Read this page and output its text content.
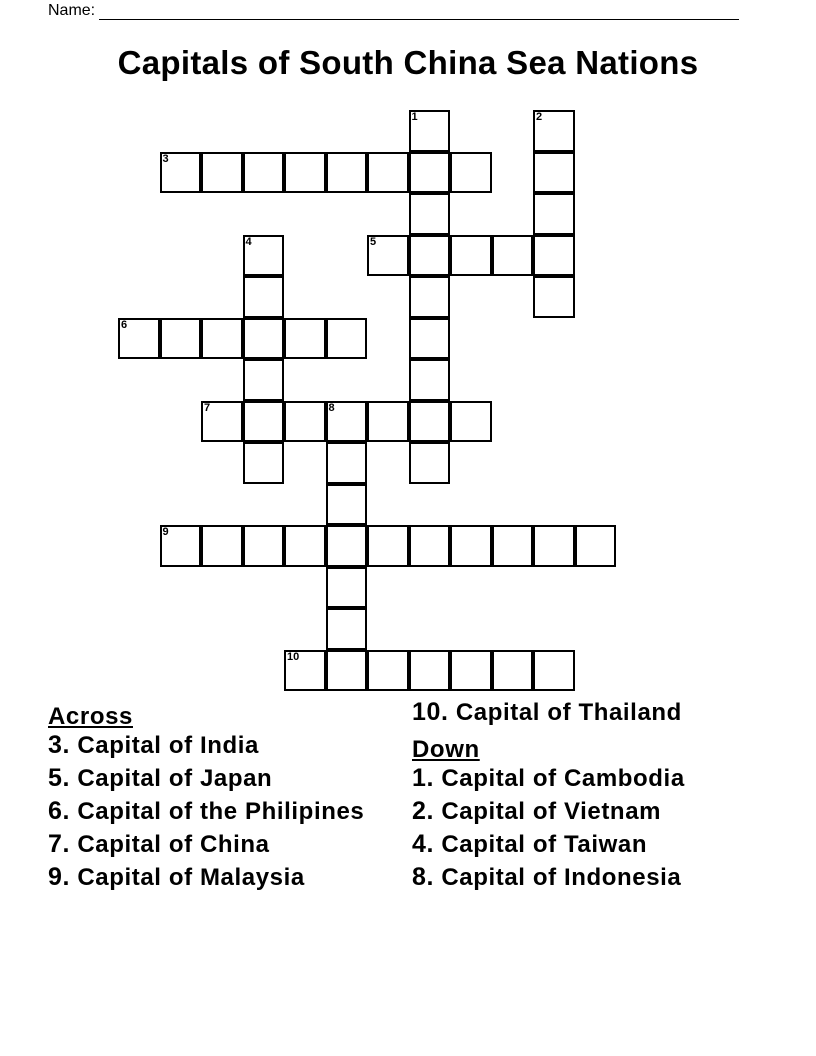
Name:
Capitals of South China Sea Nations
3
5
6
7	8
9
10
1	2
4
Across
3. Capital of India
5. Capital of Japan
6. Capital of the Philipines
7. Capital of China
9. Capital of Malaysia
10. Capital of Thailand
Down
1. Capital of Cambodia
2. Capital of Vietnam
4. Capital of Taiwan
8. Capital of Indonesia
